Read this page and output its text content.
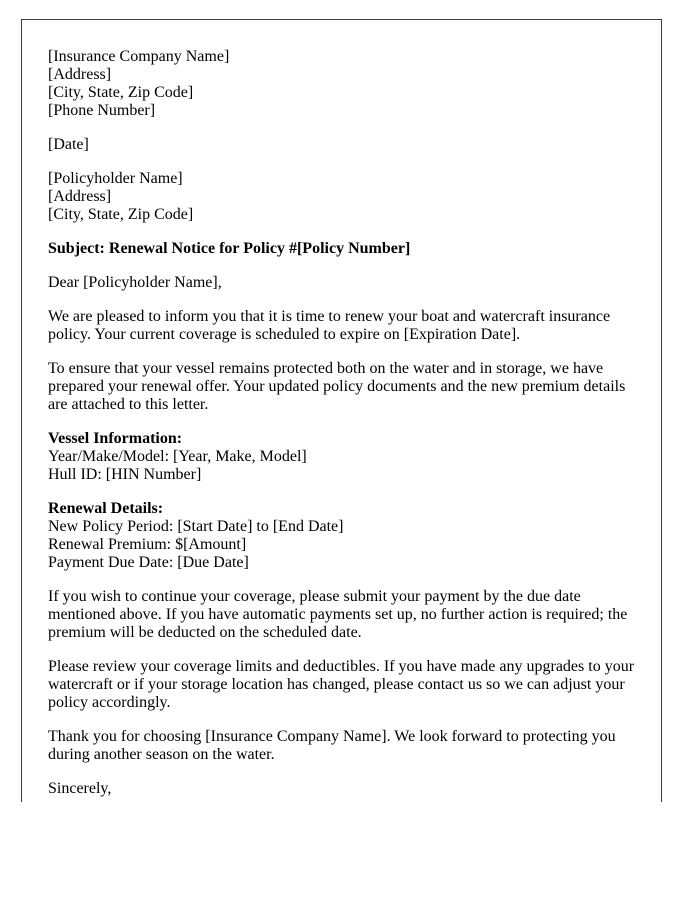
[Insurance Company Name]
[Address]
[City, State, Zip Code]
[Phone Number]
[Date]
[Policyholder Name]
[Address]
[City, State, Zip Code]
Subject: Renewal Notice for Policy #[Policy Number]
Dear [Policyholder Name],
We are pleased to inform you that it is time to renew your boat and watercraft insurance policy. Your current coverage is scheduled to expire on [Expiration Date].
To ensure that your vessel remains protected both on the water and in storage, we have prepared your renewal offer. Your updated policy documents and the new premium details are attached to this letter.
Vessel Information:
Year/Make/Model: [Year, Make, Model]
Hull ID: [HIN Number]
Renewal Details:
New Policy Period: [Start Date] to [End Date]
Renewal Premium: $[Amount]
Payment Due Date: [Due Date]
If you wish to continue your coverage, please submit your payment by the due date mentioned above. If you have automatic payments set up, no further action is required; the premium will be deducted on the scheduled date.
Please review your coverage limits and deductibles. If you have made any upgrades to your watercraft or if your storage location has changed, please contact us so we can adjust your policy accordingly.
Thank you for choosing [Insurance Company Name]. We look forward to protecting you during another season on the water.
Sincerely,
